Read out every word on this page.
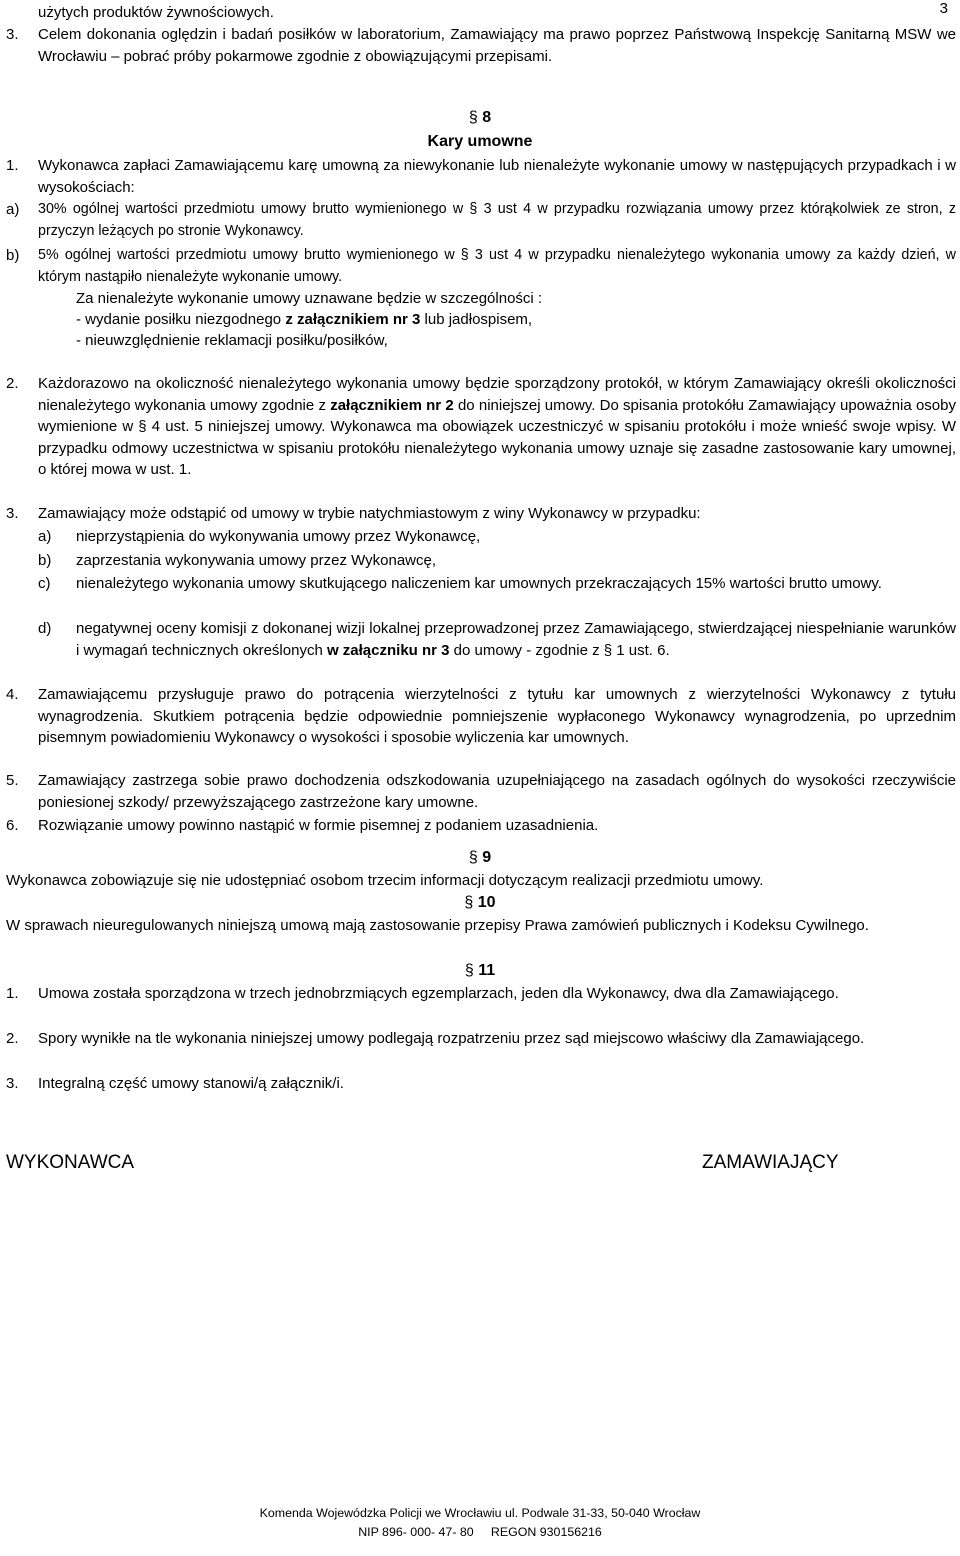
3
użytych produktów żywnościowych.
3. Celem dokonania oględzin i badań posiłków w laboratorium, Zamawiający ma prawo poprzez Państwową Inspekcję Sanitarną MSW we Wrocławiu – pobrać próby pokarmowe zgodnie z obowiązującymi przepisami.
§ 8
Kary umowne
1. Wykonawca zapłaci Zamawiającemu karę umowną za niewykonanie lub nienależyte wykonanie umowy w następujących przypadkach i w wysokościach:
a) 30% ogólnej wartości przedmiotu umowy brutto wymienionego w § 3 ust 4 w przypadku rozwiązania umowy przez którąkolwiek ze stron, z przyczyn leżących po stronie Wykonawcy.
b) 5% ogólnej wartości przedmiotu umowy brutto wymienionego w § 3 ust 4 w przypadku nienależytego wykonania umowy za każdy dzień, w którym nastąpiło nienależyte wykonanie umowy.
Za nienależyte wykonanie umowy uznawane będzie w szczególności :
- wydanie posiłku niezgodnego z załącznikiem nr 3 lub jadłospisem,
- nieuwzględnienie reklamacji posiłku/posiłków,
2. Każdorazowo na okoliczność nienależytego wykonania umowy będzie sporządzony protokół, w którym Zamawiający określi okoliczności nienależytego wykonania umowy zgodnie z załącznikiem nr 2 do niniejszej umowy. Do spisania protokółu Zamawiający upoważnia osoby wymienione w § 4 ust. 5 niniejszej umowy. Wykonawca ma obowiązek uczestniczyć w spisaniu protokółu i może wnieść swoje wpisy. W przypadku odmowy uczestnictwa w spisaniu protokółu nienależytego wykonania umowy uznaje się zasadne zastosowanie kary umownej, o której mowa w ust. 1.
3. Zamawiający może odstąpić od umowy w trybie natychmiastowym z winy Wykonawcy w przypadku:
a) nieprzystąpienia do wykonywania umowy przez Wykonawcę,
b) zaprzestania wykonywania umowy przez Wykonawcę,
c) nienależytego wykonania umowy skutkującego naliczeniem kar umownych przekraczających 15% wartości brutto umowy.
d) negatywnej oceny komisji z dokonanej wizji lokalnej przeprowadzonej przez Zamawiającego, stwierdzającej niespełnianie warunków i wymagań technicznych określonych w załączniku nr 3 do umowy - zgodnie z § 1 ust. 6.
4. Zamawiającemu przysługuje prawo do potrącenia wierzytelności z tytułu kar umownych z wierzytelności Wykonawcy z tytułu wynagrodzenia. Skutkiem potrącenia będzie odpowiednie pomniejszenie wypłaconego Wykonawcy wynagrodzenia, po uprzednim pisemnym powiadomieniu Wykonawcy o wysokości i sposobie wyliczenia kar umownych.
5. Zamawiający zastrzega sobie prawo dochodzenia odszkodowania uzupełniającego na zasadach ogólnych do wysokości rzeczywiście poniesionej szkody/ przewyższającego zastrzeżone kary umowne.
6. Rozwiązanie umowy powinno nastąpić w formie pisemnej z podaniem uzasadnienia.
§ 9
Wykonawca zobowiązuje się nie udostępniać osobom trzecim informacji dotyczącym realizacji przedmiotu umowy.
§ 10
W sprawach nieuregulowanych niniejszą umową mają zastosowanie przepisy Prawa zamówień publicznych i Kodeksu Cywilnego.
§ 11
1. Umowa została sporządzona w trzech jednobrzmiących egzemplarzach, jeden dla Wykonawcy, dwa dla Zamawiającego.
2. Spory wynikłe na tle wykonania niniejszej umowy podlegają rozpatrzeniu przez sąd miejscowo właściwy dla Zamawiającego.
3. Integralną część umowy stanowi/ą załącznik/i.
WYKONAWCA	ZAMAWIAJĄCY
Komenda Wojewódzka Policji we Wrocławiu ul. Podwale 31-33, 50-040 Wrocław
NIP 896- 000- 47- 80     REGON 930156216
